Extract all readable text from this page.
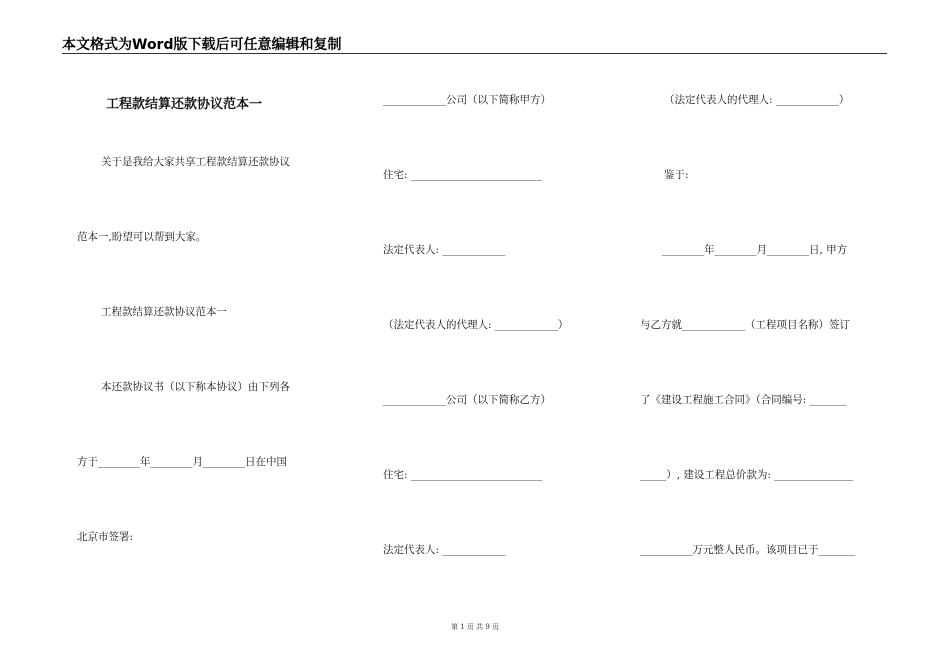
本文格式为Word版下载后可任意编辑和复制
工程款结算还款协议范本一
关于是我给大家共享工程款结算还款协议
范本一,盼望可以帮到大家。
工程款结算还款协议范本一
本还款协议书（以下称本协议）由下列各
方于________年________月________日在中国
北京市签署:
____________公司（以下简称甲方）
住宅: _________________________
法定代表人: ____________
（法定代表人的代理人: ____________）
____________公司（以下简称乙方）
住宅: _________________________
法定代表人: ____________
（法定代表人的代理人: ____________）
鉴于:
________年________月________日, 甲方
与乙方就____________（工程项目名称）签订
了《建设工程施工合同》（合同编号: _______
_____）, 建设工程总价款为: _______________
__________万元整人民币。该项目已于_______
第 1 页 共 9 页
